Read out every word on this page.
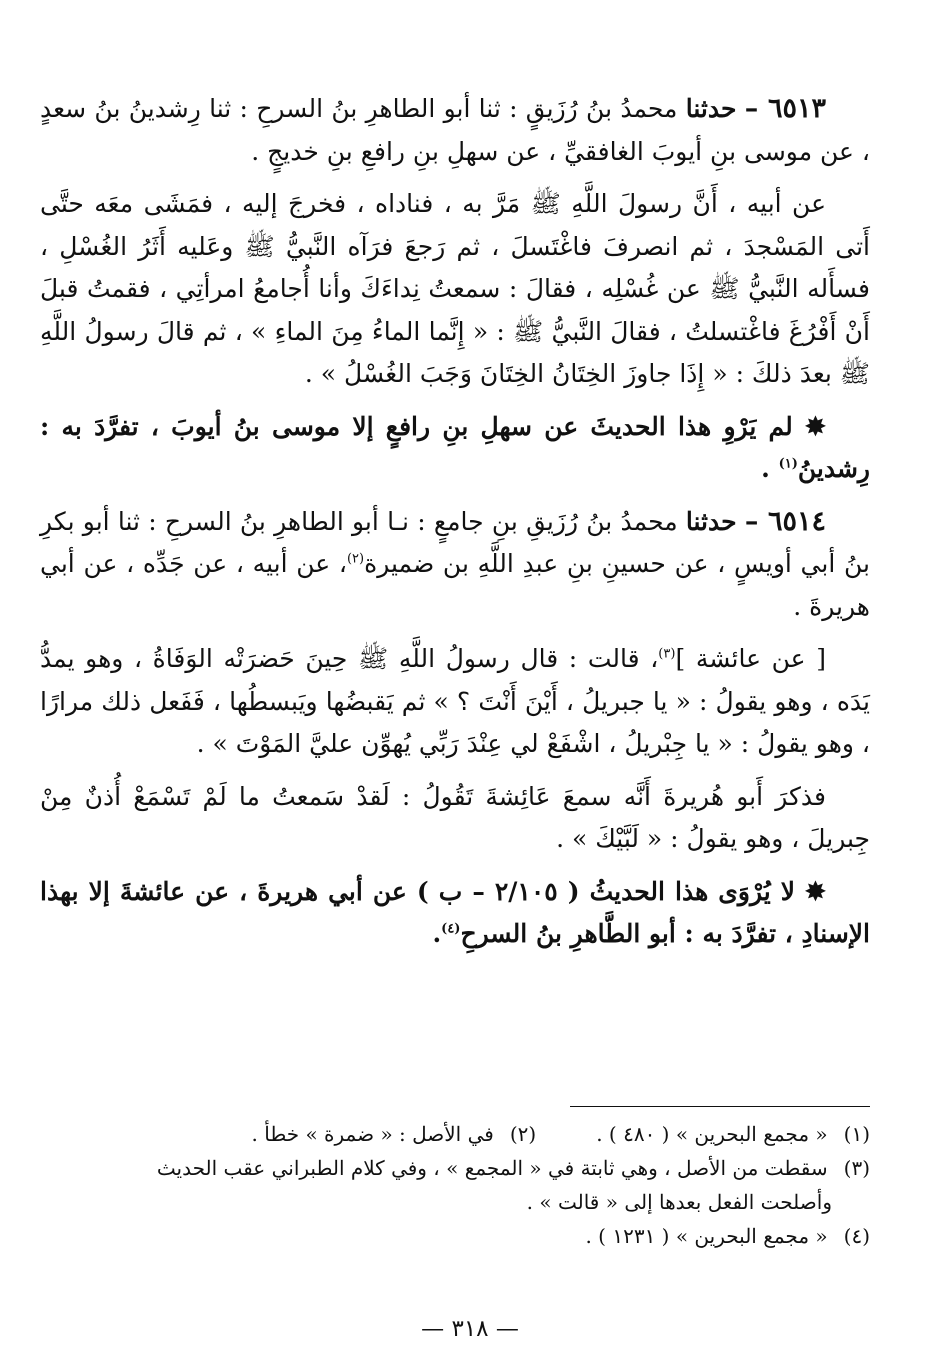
٦٥١٣ – حدثنا محمدُ بنُ رُزَيقٍ : ثنا أبو الطاهرِ بنُ السرحِ : ثنا رِشدينُ بنُ سعدٍ ، عن موسى بنِ أيوبَ الغافقيِّ ، عن سهلِ بنِ رافعِ بنِ خديجٍ .

عن أبيه ، أَنَّ رسولَ اللَّهِ ﷺ مَرَّ به ، فناداه ، فخرجَ إليه ، فمَشَى معَه حتَّى أَتى المَسْجدَ ، ثم انصرفَ فاغْتَسلَ ، ثم رَجعَ فرَآه النَّبيُّ ﷺ وعَليه أَثَرُ الغُسْلِ ، فسأَله النَّبيُّ ﷺ عن غُسْلِه ، فقالَ : سمعتُ نِداءَكَ وأنا أُجامعُ امرأتِي ، فقمتُ قبلَ أَنْ أَفْرُغَ فاغْتسلتُ ، فقالَ النَّبيُّ ﷺ : « إِنَّما الماءُ مِنَ الماءِ » ، ثم قالَ رسولُ اللَّهِ ﷺ بعدَ ذلكَ : « إِذَا جاوزَ الخِتَانُ الخِتَانَ وَجَبَ الغُسْلُ » .

✸ لم يَرْوِ هذا الحديثَ عن سهلِ بنِ رافعٍ إلا موسى بنُ أيوبَ ، تفرَّدَ به : رِشدينُ$^{(١)}$ .

٦٥١٤ – حدثنا محمدُ بنُ رُزَيقِ بنِ جامعٍ : نـا أبو الطاهرِ بنُ السرحِ : ثنا أبو بكرِ بنُ أبي أويسٍ ، عن حسينِ بنِ عبدِ اللَّهِ بن ضميرة$^{(٢)}$، عن أبيه ، عن جَدِّه ، عن أبي هريرةَ .

[ عن عائشة ]$^{(٣)}$، قالت : قال رسولُ اللَّهِ ﷺ حِينَ حَضرَتْه الوَفَاةُ ، وهو يمدُّ يَدَه ، وهو يقولُ : « يا جبريلُ ، أَيْنَ أَنْتَ ؟ » ثم يَقبضُها ويَبسطُها ، فَفَعل ذلك مرارًا ، وهو يقولُ : « يا جِبْريلُ ، اشْفَعْ لي عِنْدَ رَبِّي يُهوِّن عليَّ المَوْتَ » .

فذكرَ أَبو هُريرةَ أَنَّه سمعَ عَائِشةَ تَقُولُ : لَقدْ سَمعتُ ما لَمْ تَسْمَعْ أُذنٌ مِنْ جِبريلَ ، وهو يقولُ : « لَبَّيْكَ » .

✸ لا يُرْوَى هذا الحديثُ ( ٢/١٠٥ – ب ) عن أبي هريرةَ ، عن عائشةَ إلا بهذا الإسنادِ ، تفرَّدَ به : أبو الطَّاهرِ بنُ السرحِ$^{(٤)}$.

(١) « مجمع البحرين » ( ٤٨٠ ) .

(٢) في الأصل : « ضمرة » خطأ .

(٣) سقطت من الأصل ، وهي ثابتة في « المجمع » ، وفي كلام الطبراني عقب الحديث

وأصلحت الفعل بعدها إلى « قالت » .

(٤) « مجمع البحرين » ( ١٢٣١ ) .

— ٣١٨ —
